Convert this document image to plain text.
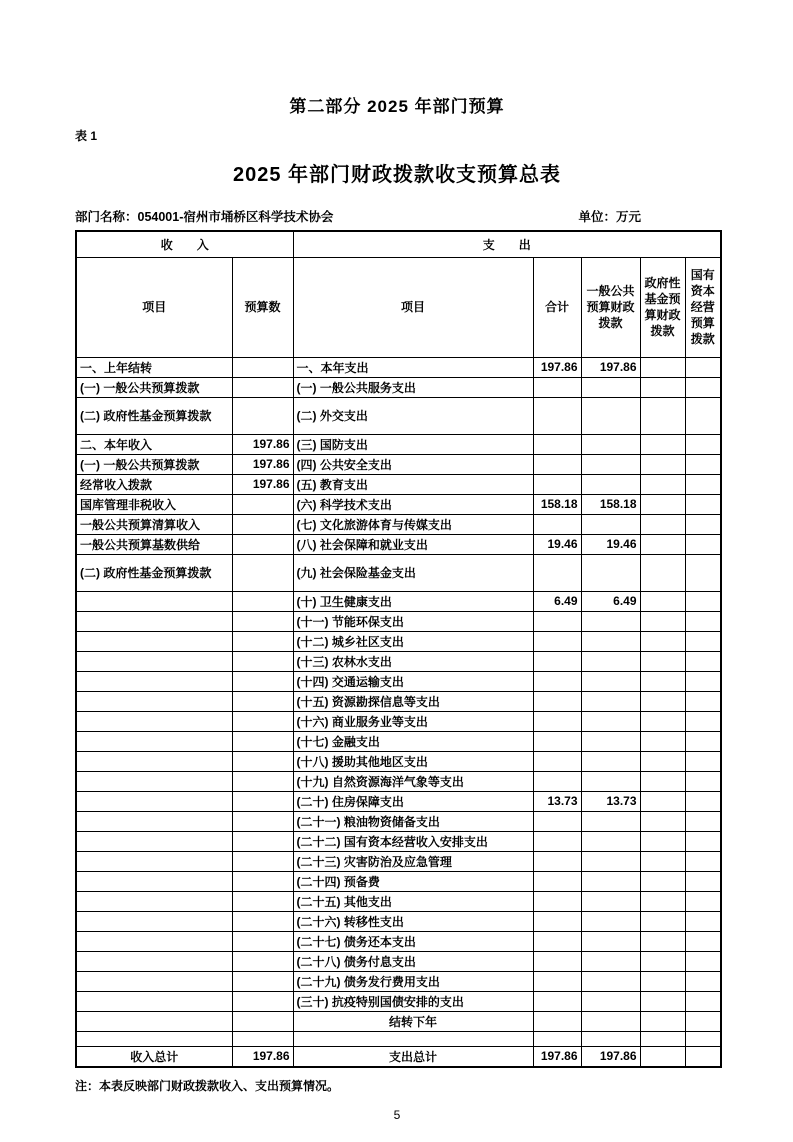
第二部分 2025 年部门预算
表 1
2025 年部门财政拨款收支预算总表
部门名称：054001-宿州市埇桥区科学技术协会	单位：万元
收　　入		支　　出				
项目	预算数	项目	合计	一般公共预算财政拨款	政府性基金预算财政拨款	国有资本经营预算拨款
一、上年结转		一、本年支出	197.86	197.86		
(一) 一般公共预算拨款		(一) 一般公共服务支出				
(二) 政府性基金预算拨款		(二) 外交支出				
二、本年收入	197.86	(三) 国防支出				
(一) 一般公共预算拨款	197.86	(四) 公共安全支出				
经常收入拨款	197.86	(五) 教育支出				
国库管理非税收入		(六) 科学技术支出	158.18	158.18		
一般公共预算清算收入		(七) 文化旅游体育与传媒支出				
一般公共预算基数供给		(八) 社会保障和就业支出	19.46	19.46		
(二) 政府性基金预算拨款		(九) 社会保险基金支出				
		(十) 卫生健康支出	6.49	6.49		
		(十一) 节能环保支出				
		(十二) 城乡社区支出				
		(十三) 农林水支出				
		(十四) 交通运输支出				
		(十五) 资源勘探信息等支出				
		(十六) 商业服务业等支出				
		(十七) 金融支出				
		(十八) 援助其他地区支出				
		(十九) 自然资源海洋气象等支出				
		(二十) 住房保障支出	13.73	13.73		
		(二十一) 粮油物资储备支出				
		(二十二) 国有资本经营收入安排支出				
		(二十三) 灾害防治及应急管理				
		(二十四) 预备费				
		(二十五) 其他支出				
		(二十六) 转移性支出				
		(二十七) 债务还本支出				
		(二十八) 债务付息支出				
		(二十九) 债务发行费用支出				
		(三十) 抗疫特别国债安排的支出				
		结转下年				

收入总计	197.86	支出总计	197.86	197.86		
注：本表反映部门财政拨款收入、支出预算情况。
5
